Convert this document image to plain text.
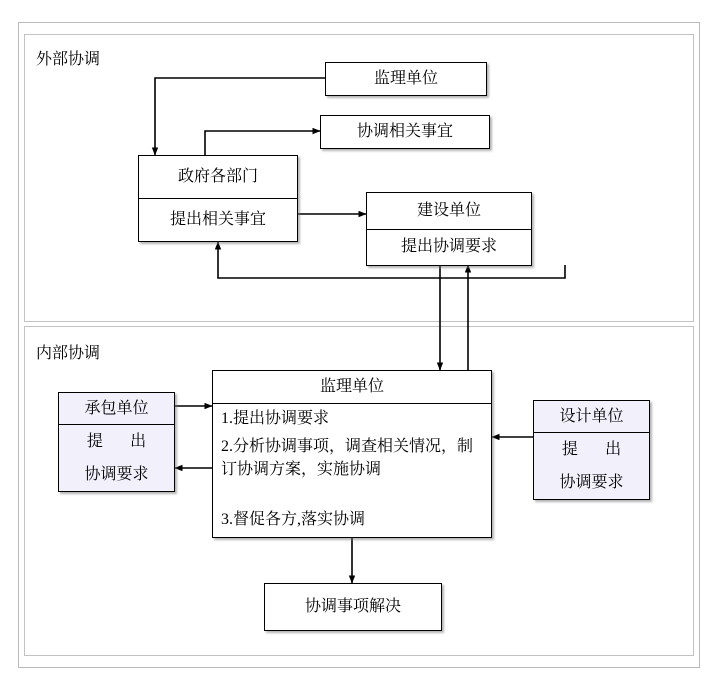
外部协调
内部协调
监理单位
协调相关事宜
政府各部门
提出相关事宜
建设单位
提出协调要求
监理单位
1.提出协调要求
2.分析协调事项，调查相关情况，制订协调方案，实施协调
3.督促各方,落实协调
承包单位
提　出
协调要求
设计单位
提　出
协调要求
协调事项解决
